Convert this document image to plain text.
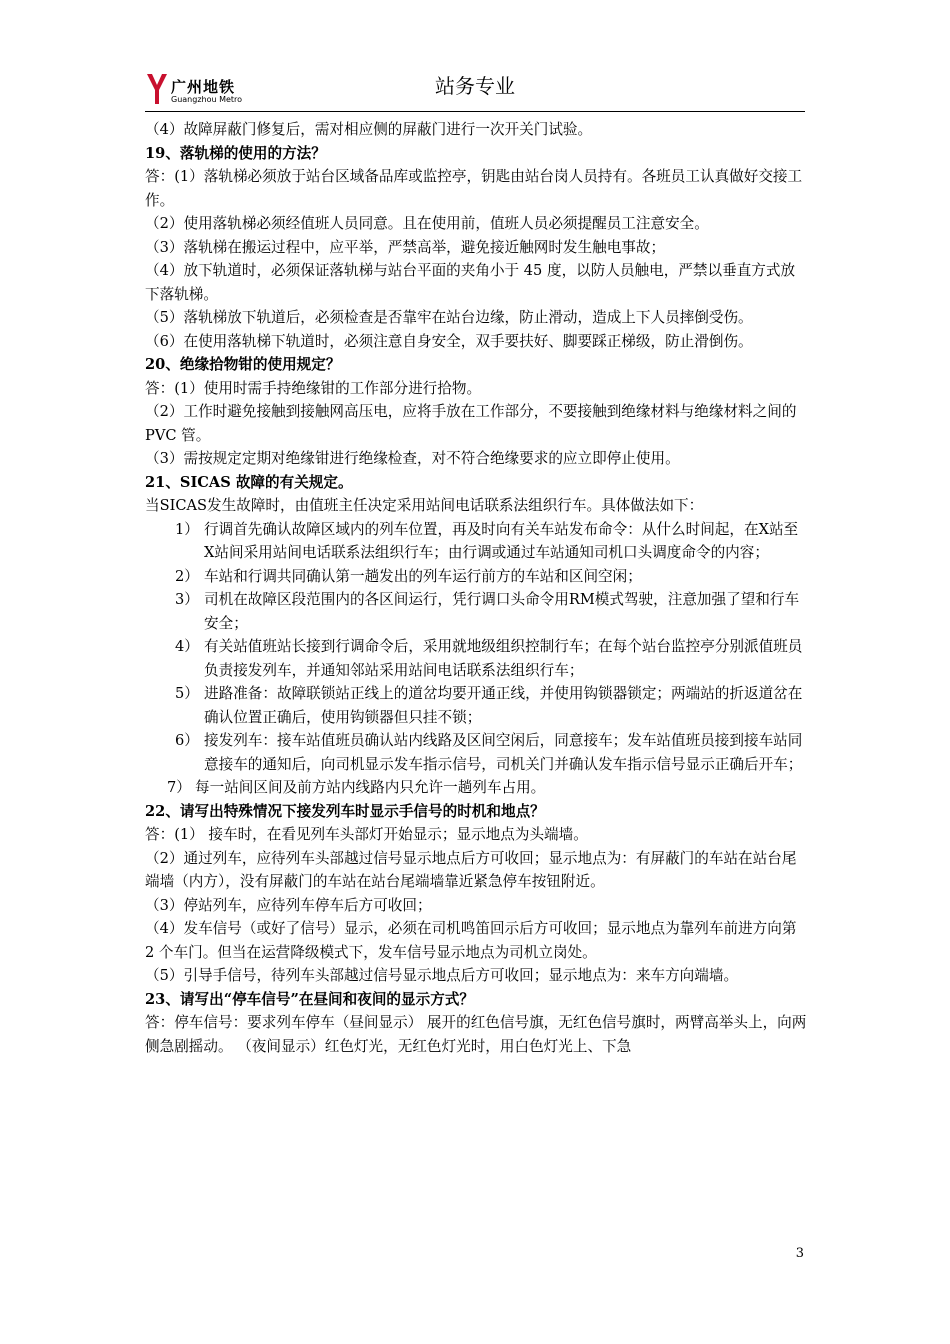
广州地铁
Guangzhou Metro
站务专业

（4）故障屏蔽门修复后，需对相应侧的屏蔽门进行一次开关门试验。

19、落轨梯的使用的方法？

答：(1）落轨梯必须放于站台区域备品库或监控亭，钥匙由站台岗人员持有。各班员工认真做好交接工作。

（2）使用落轨梯必须经值班人员同意。且在使用前，值班人员必须提醒员工注意安全。

（3）落轨梯在搬运过程中，应平举，严禁高举，避免接近触网时发生触电事故；

（4）放下轨道时，必须保证落轨梯与站台平面的夹角小于 45 度，以防人员触电，严禁以垂直方式放下落轨梯。

（5）落轨梯放下轨道后，必须检查是否靠牢在站台边缘，防止滑动，造成上下人员摔倒受伤。

（6）在使用落轨梯下轨道时，必须注意自身安全，双手要扶好、脚要踩正梯级，防止滑倒伤。

20、绝缘拾物钳的使用规定？

答：(1）使用时需手持绝缘钳的工作部分进行拾物。

（2）工作时避免接触到接触网高压电，应将手放在工作部分，不要接触到绝缘材料与绝缘材料之间的 PVC 管。

（3）需按规定定期对绝缘钳进行绝缘检查，对不符合绝缘要求的应立即停止使用。

21、SICAS 故障的有关规定。

当SICAS发生故障时，由值班主任决定采用站间电话联系法组织行车。具体做法如下：

1） 行调首先确认故障区域内的列车位置，再及时向有关车站发布命令：从什么时间起，在X站至X站间采用站间电话联系法组织行车；由行调或通过车站通知司机口头调度命令的内容；

2） 车站和行调共同确认第一趟发出的列车运行前方的车站和区间空闲；

3） 司机在故障区段范围内的各区间运行，凭行调口头命令用RM模式驾驶，注意加强了望和行车安全；

4） 有关站值班站长接到行调命令后，采用就地级组织控制行车；在每个站台监控亭分别派值班员负责接发列车，并通知邻站采用站间电话联系法组织行车；

5） 进路准备：故障联锁站正线上的道岔均要开通正线，并使用钩锁器锁定；两端站的折返道岔在确认位置正确后，使用钩锁器但只挂不锁；

6） 接发列车：接车站值班员确认站内线路及区间空闲后，同意接车；发车站值班员接到接车站同意接车的通知后，向司机显示发车指示信号，司机关门并确认发车指示信号显示正确后开车；

7） 每一站间区间及前方站内线路内只允许一趟列车占用。

22、请写出特殊情况下接发列车时显示手信号的时机和地点？

答：(1） 接车时，在看见列车头部灯开始显示；显示地点为头端墙。

（2）通过列车，应待列车头部越过信号显示地点后方可收回；显示地点为：有屏蔽门的车站在站台尾端墙（内方），没有屏蔽门的车站在站台尾端墙靠近紧急停车按钮附近。

（3）停站列车，应待列车停车后方可收回；

（4）发车信号（或好了信号）显示，必须在司机鸣笛回示后方可收回；显示地点为靠列车前进方向第 2 个车门。但当在运营降级模式下，发车信号显示地点为司机立岗处。

（5）引导手信号，待列车头部越过信号显示地点后方可收回；显示地点为：来车方向端墙。

23、请写出“停车信号”在昼间和夜间的显示方式？

答：停车信号：要求列车停车（昼间显示） 展开的红色信号旗，无红色信号旗时，两臂高举头上，向两侧急剧摇动。 （夜间显示）红色灯光，无红色灯光时，用白色灯光上、下急

3
